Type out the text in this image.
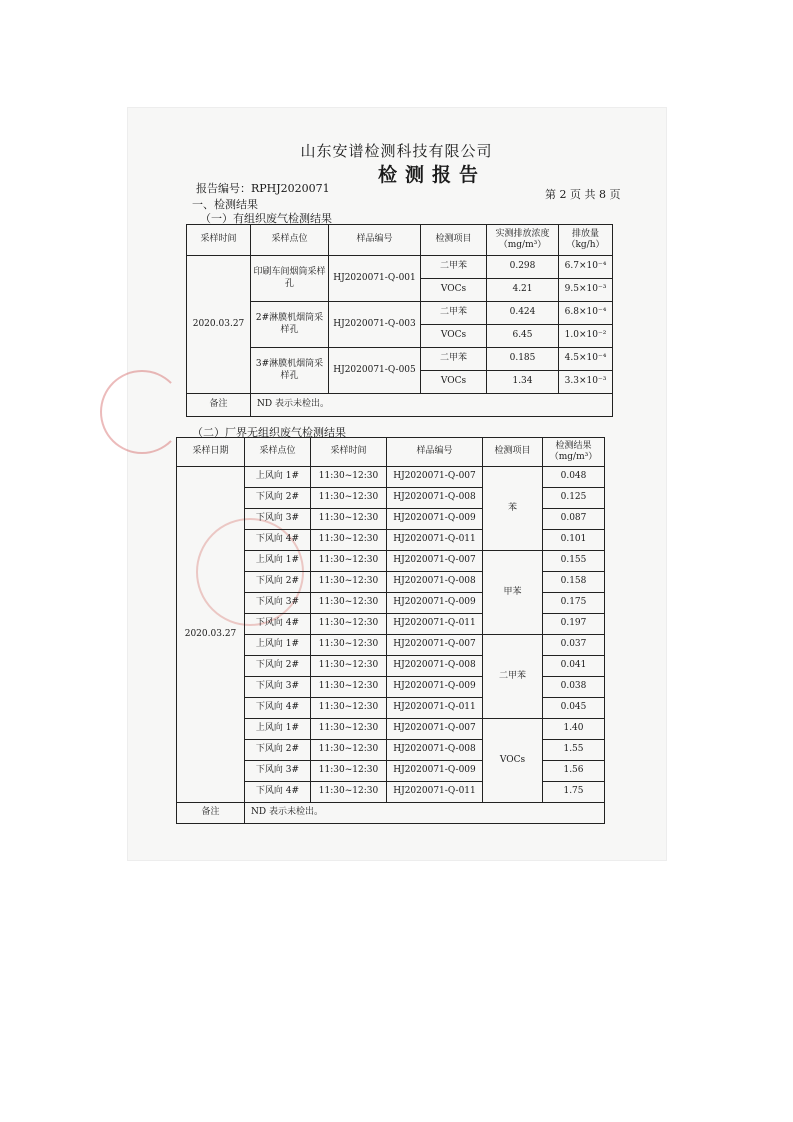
山东安谱检测科技有限公司
检测报告
报告编号：RPHJ2020071	第 2 页 共 8 页
一、检测结果
（一）有组织废气检测结果
（二）厂界无组织废气检测结果
采样时间	采样点位	样品编号	检测项目	实测排放浓度（mg/m³）	排放量（kg/h）
2020.03.27	印刷车间烟筒采样孔	HJ2020071-Q-001	二甲苯	0.298	6.7×10⁻⁴
			VOCs	4.21	9.5×10⁻³
	2#淋膜机烟筒采样孔	HJ2020071-Q-003	二甲苯	0.424	6.8×10⁻⁴
			VOCs	6.45	1.0×10⁻²
	3#淋膜机烟筒采样孔	HJ2020071-Q-005	二甲苯	0.185	4.5×10⁻⁴
			VOCs	1.34	3.3×10⁻³
备注	ND 表示未检出。				
采样日期	采样点位	采样时间	样品编号	检测项目	检测结果（mg/m³）
2020.03.27	上风向 1#	11:30~12:30	HJ2020071-Q-007	苯	0.048
	下风向 2#	11:30~12:30	HJ2020071-Q-008		0.125
	下风向 3#	11:30~12:30	HJ2020071-Q-009		0.087
	下风向 4#	11:30~12:30	HJ2020071-Q-011		0.101
	上风向 1#	11:30~12:30	HJ2020071-Q-007	甲苯	0.155
	下风向 2#	11:30~12:30	HJ2020071-Q-008		0.158
	下风向 3#	11:30~12:30	HJ2020071-Q-009		0.175
	下风向 4#	11:30~12:30	HJ2020071-Q-011		0.197
	上风向 1#	11:30~12:30	HJ2020071-Q-007	二甲苯	0.037
	下风向 2#	11:30~12:30	HJ2020071-Q-008		0.041
	下风向 3#	11:30~12:30	HJ2020071-Q-009		0.038
	下风向 4#	11:30~12:30	HJ2020071-Q-011		0.045
	上风向 1#	11:30~12:30	HJ2020071-Q-007	VOCs	1.40
	下风向 2#	11:30~12:30	HJ2020071-Q-008		1.55
	下风向 3#	11:30~12:30	HJ2020071-Q-009		1.56
	下风向 4#	11:30~12:30	HJ2020071-Q-011		1.75
备注	ND 表示未检出。				
